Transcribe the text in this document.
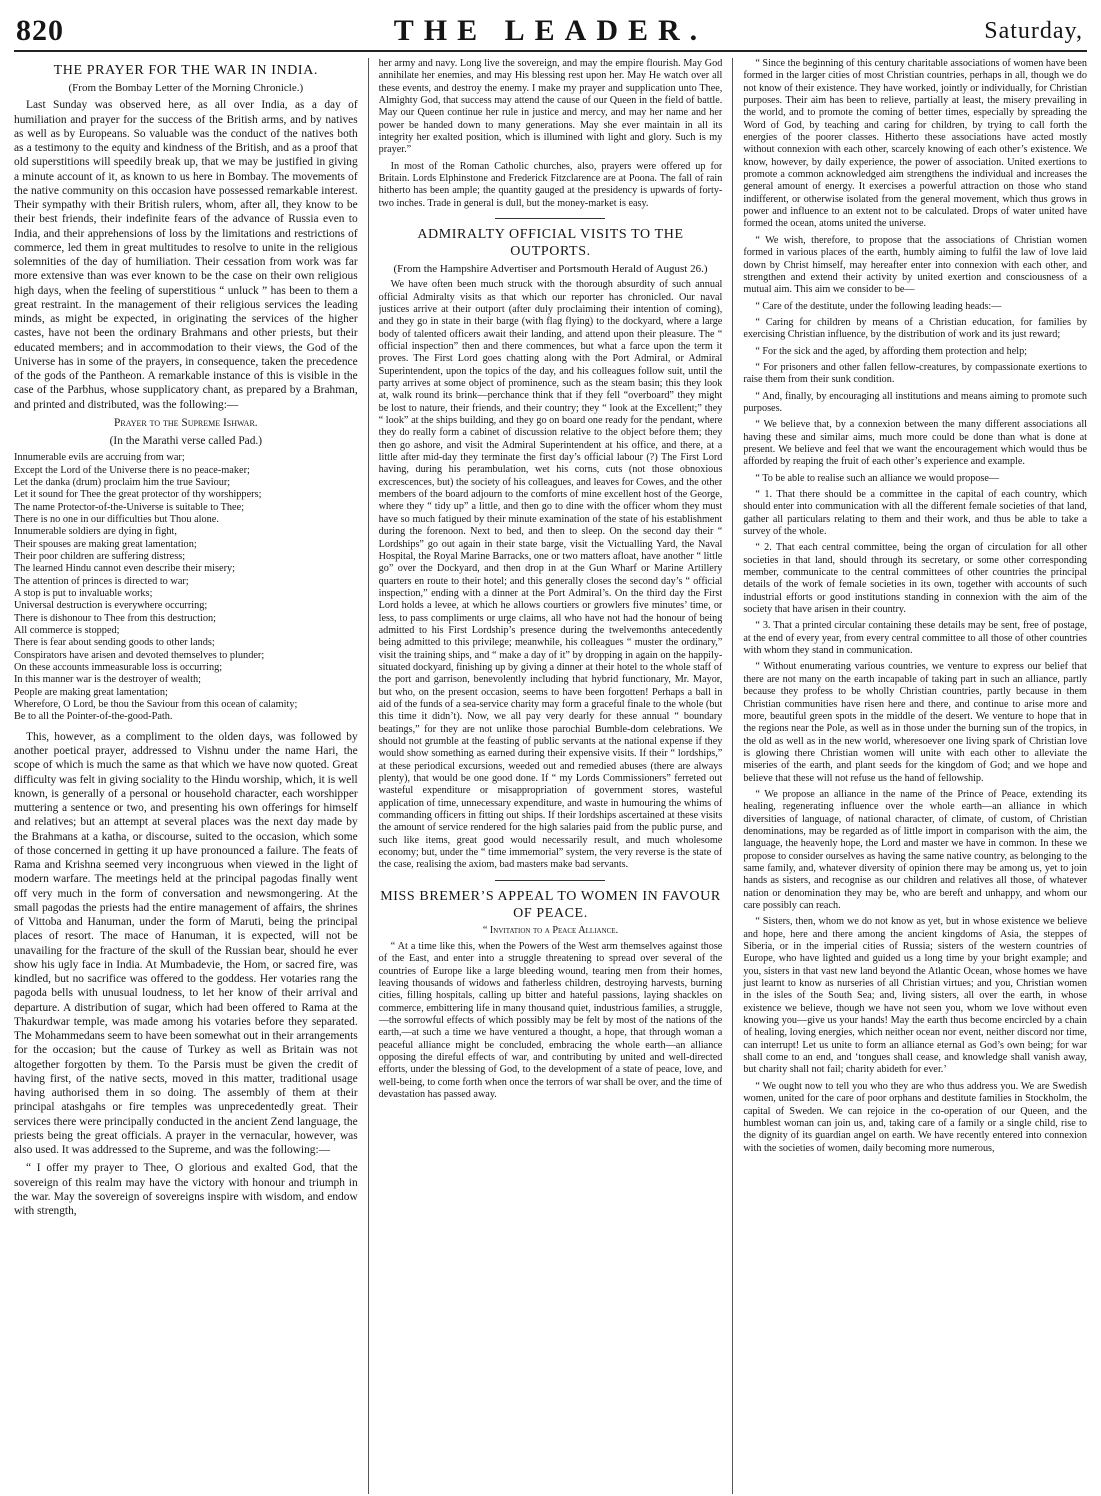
820	THE LEADER.	Saturday,
THE PRAYER FOR THE WAR IN INDIA.
(From the Bombay Letter of the Morning Chronicle.)

Last Sunday was observed here, as all over India, as a day of humiliation and prayer for the success of the British arms, and by natives as well as by Europeans. So valuable was the conduct of the natives both as a testimony to the equity and kindness of the British, and as a proof that old superstitions will speedily break up, that we may be justified in giving a minute account of it, as known to us here in Bombay. The movements of the native community on this occasion have possessed remarkable interest. Their sympathy with their British rulers, whom, after all, they know to be their best friends, their indefinite fears of the advance of Russia even to India, and their apprehensions of loss by the limitations and restrictions of commerce, led them in great multitudes to resolve to unite in the religious solemnities of the day of humiliation. Their cessation from work was far more extensive than was ever known to be the case on their own religious high days, when the feeling of superstitious “ unluck ” has been to them a great restraint. In the management of their religious services the leading minds, as might be expected, in originating the services of the higher castes, have not been the ordinary Brahmans and other priests, but their educated members; and in accommodation to their views, the God of the Universe has in some of the prayers, in consequence, taken the precedence of the gods of the Pantheon. A remarkable instance of this is visible in the case of the Parbhus, whose supplicatory chant, as prepared by a Brahman, and printed and distributed, was the following:—

Prayer to the Supreme Ishwar.

(In the Marathi verse called Pad.)

Innumerable evils are accruing from war;
Except the Lord of the Universe there is no peace-maker;
Let the danka (drum) proclaim him the true Saviour;
Let it sound for Thee the great protector of thy worshippers;
The name Protector-of-the-Universe is suitable to Thee;
There is no one in our difficulties but Thou alone.
Innumerable soldiers are dying in fight,
Their spouses are making great lamentation;
Their poor children are suffering distress;
The learned Hindu cannot even describe their misery;
The attention of princes is directed to war;
A stop is put to invaluable works;
Universal destruction is everywhere occurring;
There is dishonour to Thee from this destruction;
All commerce is stopped;
There is fear about sending goods to other lands;
Conspirators have arisen and devoted themselves to plunder;
On these accounts immeasurable loss is occurring;
In this manner war is the destroyer of wealth;
People are making great lamentation;
Wherefore, O Lord, be thou the Saviour from this ocean of calamity;
Be to all the Pointer-of-the-good-Path.

This, however, as a compliment to the olden days, was followed by another poetical prayer, addressed to Vishnu under the name Hari, the scope of which is much the same as that which we have now quoted. Great difficulty was felt in giving sociality to the Hindu worship, which, it is well known, is generally of a personal or household character, each worshipper muttering a sentence or two, and presenting his own offerings for himself and relatives; but an attempt at several places was the next day made by the Brahmans at a katha, or discourse, suited to the occasion, which some of those concerned in getting it up have pronounced a failure. The feats of Rama and Krishna seemed very incongruous when viewed in the light of modern warfare. The meetings held at the principal pagodas finally went off very much in the form of conversation and newsmongering. At the small pagodas the priests had the entire management of affairs, the shrines of Vittoba and Hanuman, under the form of Maruti, being the principal places of resort. The mace of Hanuman, it is expected, will not be unavailing for the fracture of the skull of the Russian bear, should he ever show his ugly face in India. At Mumbadevie, the Hom, or sacred fire, was kindled, but no sacrifice was offered to the goddess. Her votaries rang the pagoda bells with unusual loudness, to let her know of their arrival and departure. A distribution of sugar, which had been offered to Rama at the Thakurdwar temple, was made among his votaries before they separated. The Mohammedans seem to have been somewhat out in their arrangements for the occasion; but the cause of Turkey as well as Britain was not altogether forgotten by them. To the Parsis must be given the credit of having first, of the native sects, moved in this matter, traditional usage having authorised them in so doing. The assembly of them at their principal atashgahs or fire temples was unprecedentedly great. Their services there were principally conducted in the ancient Zend language, the priests being the great officials. A prayer in the vernacular, however, was also used. It was addressed to the Supreme, and was the following:—

“ I offer my prayer to Thee, O glorious and exalted God, that the sovereign of this realm may have the victory with honour and triumph in the war. May the sovereign of sovereigns inspire with wisdom, and endow with strength,

her army and navy. Long live the sovereign, and may the empire flourish. May God annihilate her enemies, and may His blessing rest upon her. May He watch over all these events, and destroy the enemy. I make my prayer and supplication unto Thee, Almighty God, that success may attend the cause of our Queen in the field of battle. May our Queen continue her rule in justice and mercy, and may her name and her power be handed down to many generations. May she ever maintain in all its integrity her exalted position, which is illumined with light and glory. Such is my prayer.”

In most of the Roman Catholic churches, also, prayers were offered up for Britain. Lords Elphinstone and Frederick Fitzclarence are at Poona. The fall of rain hitherto has been ample; the quantity gauged at the presidency is upwards of forty-two inches. Trade in general is dull, but the money-market is easy.

ADMIRALTY OFFICIAL VISITS TO THE OUTPORTS.
(From the Hampshire Advertiser and Portsmouth Herald of August 26.)

We have often been much struck with the thorough absurdity of such annual official Admiralty visits as that which our reporter has chronicled. Our naval justices arrive at their outport (after duly proclaiming their intention of coming), and they go in state in their barge (with flag flying) to the dockyard, where a large body of talented officers await their landing, and attend upon their pleasure. The “ official inspection” then and there commences, but what a farce upon the term it proves. The First Lord goes chatting along with the Port Admiral, or Admiral Superintendent, upon the topics of the day, and his colleagues follow suit, until the party arrives at some object of prominence, such as the steam basin; this they look at, walk round its brink—perchance think that if they fell “overboard” they might be lost to nature, their friends, and their country; they “ look at the Excellent;” they “ look” at the ships building, and they go on board one ready for the pendant, where they do really form a cabinet of discussion relative to the object before them; they then go ashore, and visit the Admiral Superintendent at his office, and there, at a little after mid-day they terminate the first day’s official labour (?) The First Lord having, during his perambulation, wet his corns, cuts (not those obnoxious excrescences, but) the society of his colleagues, and leaves for Cowes, and the other members of the board adjourn to the comforts of mine excellent host of the George, where they “ tidy up” a little, and then go to dine with the officer whom they must have so much fatigued by their minute examination of the state of his establishment during the forenoon. Next to bed, and then to sleep. On the second day their “ Lordships” go out again in their state barge, visit the Victualling Yard, the Naval Hospital, the Royal Marine Barracks, one or two matters afloat, have another “ little go” over the Dockyard, and then drop in at the Gun Wharf or Marine Artillery quarters en route to their hotel; and this generally closes the second day’s “ official inspection,” ending with a dinner at the Port Admiral’s. On the third day the First Lord holds a levee, at which he allows courtiers or growlers five minutes’ time, or less, to pass compliments or urge claims, all who have not had the honour of being admitted to his First Lordship’s presence during the twelvemonths antecedently being admitted to this privilege; meanwhile, his colleagues “ muster the ordinary,” visit the training ships, and “ make a day of it” by dropping in again on the happily-situated dockyard, finishing up by giving a dinner at their hotel to the whole staff of the port and garrison, benevolently including that hybrid functionary, Mr. Mayor, but who, on the present occasion, seems to have been forgotten! Perhaps a ball in aid of the funds of a sea-service charity may form a graceful finale to the whole (but this time it didn’t). Now, we all pay very dearly for these annual “ boundary beatings,” for they are not unlike those parochial Bumble-dom celebrations. We should not grumble at the feasting of public servants at the national expense if they would show something as earned during their expensive visits. If their “ lordships,” at these periodical excursions, weeded out and remedied abuses (there are always plenty), that would be one good done. If “ my Lords Commissioners” ferreted out wasteful expenditure or misappropriation of government stores, wasteful application of time, unnecessary expenditure, and waste in humouring the whims of commanding officers in fitting out ships. If their lordships ascertained at these visits the amount of service rendered for the high salaries paid from the public purse, and such like items, great good would necessarily result, and much wholesome economy; but, under the “ time immemorial” system, the very reverse is the state of the case, realising the axiom, bad masters make bad servants.

MISS BREMER’S APPEAL TO WOMEN IN FAVOUR OF PEACE.

“ Invitation to a Peace Alliance.

“ At a time like this, when the Powers of the West arm themselves against those of the East, and enter into a struggle threatening to spread over several of the countries of Europe like a large bleeding wound, tearing men from their homes, leaving thousands of widows and fatherless children, destroying harvests, burning cities, filling hospitals, calling up bitter and hateful passions, laying shackles on commerce, embittering life in many thousand quiet, industrious families, a struggle,—the sorrowful effects of which possibly may be felt by most of the nations of the earth,—at such a time we have ventured a thought, a hope, that through woman a peaceful alliance might be concluded, embracing the whole earth—an alliance opposing the direful effects of war, and contributing by united and well-directed efforts, under the blessing of God, to the development of a state of peace, love, and well-being, to come forth when once the terrors of war shall be over, and the time of devastation has passed away.

“ Since the beginning of this century charitable associations of women have been formed in the larger cities of most Christian countries, perhaps in all, though we do not know of their existence. They have worked, jointly or individually, for Christian purposes. Their aim has been to relieve, partially at least, the misery prevailing in the world, and to promote the coming of better times, especially by spreading the Word of God, by teaching and caring for children, by trying to call forth the energies of the poorer classes. Hitherto these associations have acted mostly without connexion with each other, scarcely knowing of each other’s existence. We know, however, by daily experience, the power of association. United exertions to promote a common acknowledged aim strengthens the individual and increases the general amount of energy. It exercises a powerful attraction on those who stand indifferent, or otherwise isolated from the general movement, which thus grows in power and influence to an extent not to be calculated. Drops of water united have formed the ocean, atoms united the universe.

“ We wish, therefore, to propose that the associations of Christian women formed in various places of the earth, humbly aiming to fulfil the law of love laid down by Christ himself, may hereafter enter into connexion with each other, and strengthen and extend their activity by united exertion and consciousness of a mutual aim. This aim we consider to be—

“ Care of the destitute, under the following leading heads:—

“ Caring for children by means of a Christian education, for families by exercising Christian influence, by the distribution of work and its just reward;

“ For the sick and the aged, by affording them protection and help;

“ For prisoners and other fallen fellow-creatures, by compassionate exertions to raise them from their sunk condition.

“ And, finally, by encouraging all institutions and means aiming to promote such purposes.

“ We believe that, by a connexion between the many different associations all having these and similar aims, much more could be done than what is done at present. We believe and feel that we want the encouragement which would thus be afforded by reaping the fruit of each other’s experience and example.

“ To be able to realise such an alliance we would propose—

“ 1. That there should be a committee in the capital of each country, which should enter into communication with all the different female societies of that land, gather all particulars relating to them and their work, and thus be able to take a survey of the whole.

“ 2. That each central committee, being the organ of circulation for all other societies in that land, should through its secretary, or some other corresponding member, communicate to the central committees of other countries the principal details of the work of female societies in its own, together with accounts of such industrial efforts or good institutions standing in connexion with the aim of the society that have arisen in their country.

“ 3. That a printed circular containing these details may be sent, free of postage, at the end of every year, from every central committee to all those of other countries with whom they stand in communication.

“ Without enumerating various countries, we venture to express our belief that there are not many on the earth incapable of taking part in such an alliance, partly because they profess to be wholly Christian countries, partly because in them Christian communities have risen here and there, and continue to arise more and more, beautiful green spots in the middle of the desert. We venture to hope that in the regions near the Pole, as well as in those under the burning sun of the tropics, in the old as well as in the new world, wheresoever one living spark of Christian love is glowing there Christian women will unite with each other to alleviate the miseries of the earth, and plant seeds for the kingdom of God; and we hope and believe that these will not refuse us the hand of fellowship.

“ We propose an alliance in the name of the Prince of Peace, extending its healing, regenerating influence over the whole earth—an alliance in which diversities of language, of national character, of climate, of custom, of Christian denominations, may be regarded as of little import in comparison with the aim, the language, the heavenly hope, the Lord and master we have in common. In these we propose to consider ourselves as having the same native country, as belonging to the same family, and, whatever diversity of opinion there may be among us, yet to join hands as sisters, and recognise as our children and relatives all those, of whatever nation or denomination they may be, who are bereft and unhappy, and whom our care possibly can reach.

“ Sisters, then, whom we do not know as yet, but in whose existence we believe and hope, here and there among the ancient kingdoms of Asia, the steppes of Siberia, or in the imperial cities of Russia; sisters of the western countries of Europe, who have lighted and guided us a long time by your bright example; and you, sisters in that vast new land beyond the Atlantic Ocean, whose homes we have just learnt to know as nurseries of all Christian virtues; and you, Christian women in the isles of the South Sea; and, living sisters, all over the earth, in whose existence we believe, though we have not seen you, whom we love without even knowing you—give us your hands! May the earth thus become encircled by a chain of healing, loving energies, which neither ocean nor event, neither discord nor time, can interrupt! Let us unite to form an alliance eternal as God’s own being; for war shall come to an end, and ‘tongues shall cease, and knowledge shall vanish away, but charity shall not fail; charity abideth for ever.’

“ We ought now to tell you who they are who thus address you. We are Swedish women, united for the care of poor orphans and destitute families in Stockholm, the capital of Sweden. We can rejoice in the co-operation of our Queen, and the humblest woman can join us, and, taking care of a family or a single child, rise to the dignity of its guardian angel on earth. We have recently entered into connexion with the societies of women, daily becoming more numerous,
